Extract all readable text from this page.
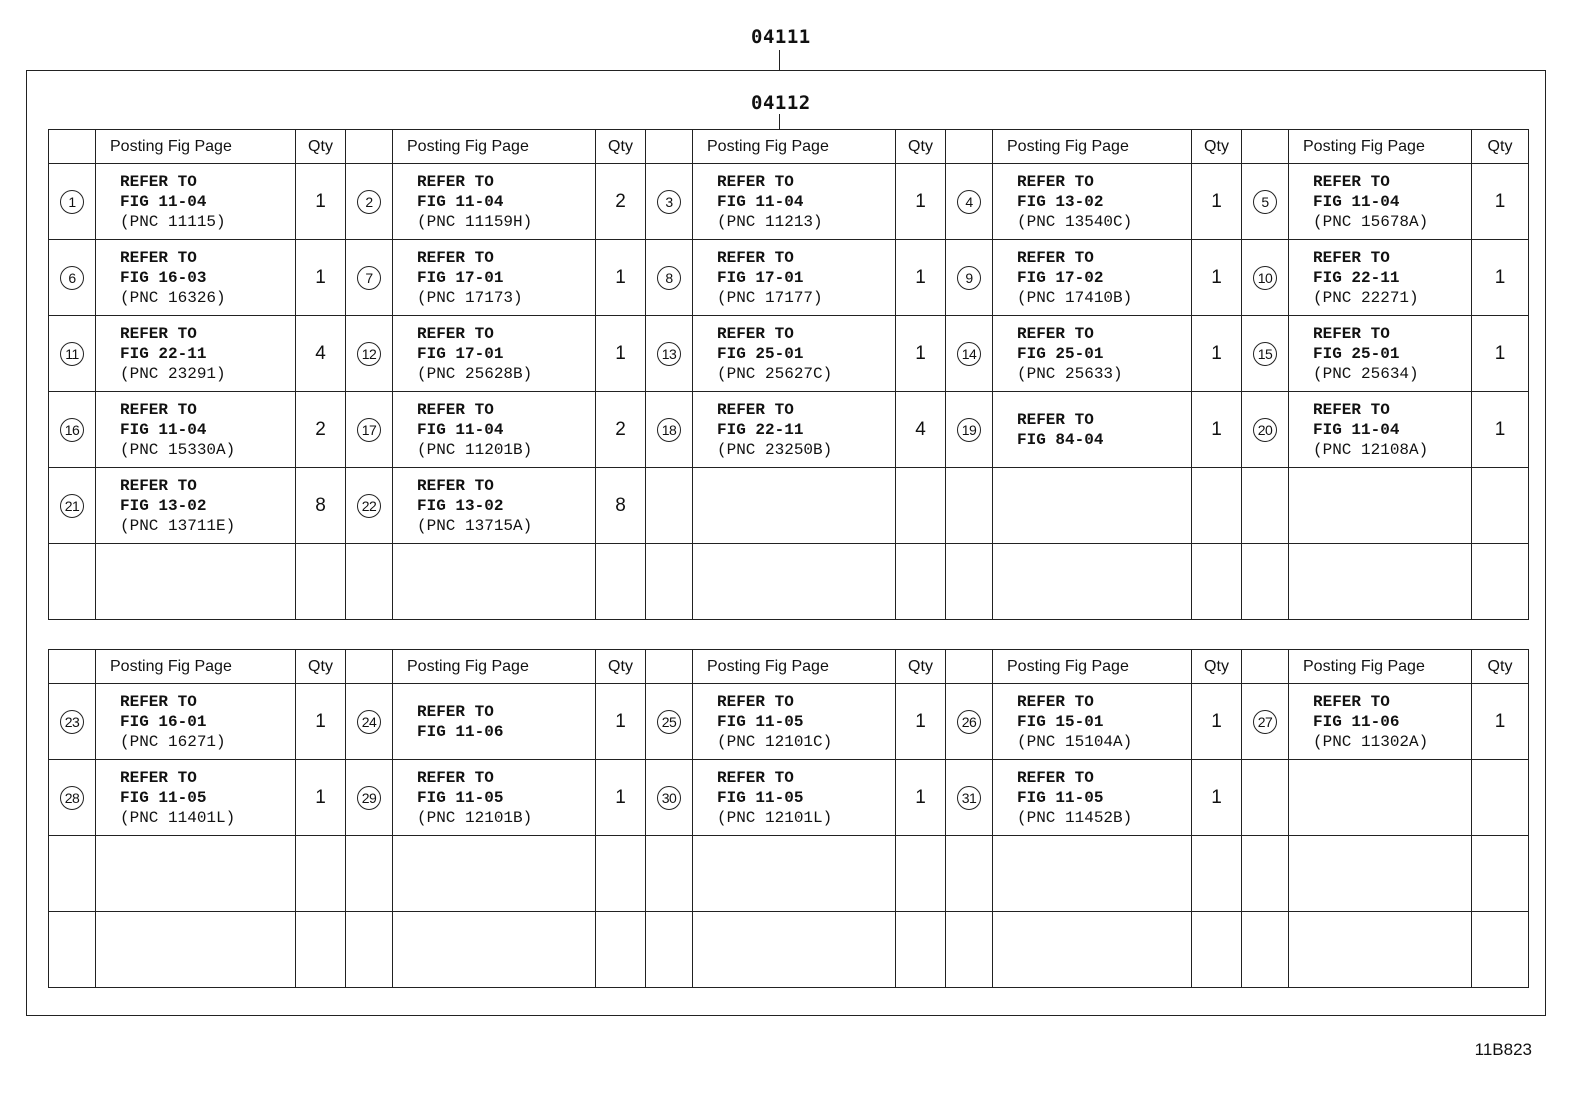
04111
04112
	Posting Fig Page	Qty		Posting Fig Page	Qty		Posting Fig Page	Qty		Posting Fig Page	Qty		Posting Fig Page	Qty
1	REFER TO
FIG 11-04
(PNC 11115)	1	2	REFER TO
FIG 11-04
(PNC 11159H)	2	3	REFER TO
FIG 11-04
(PNC 11213)	1	4	REFER TO
FIG 13-02
(PNC 13540C)	1	5	REFER TO
FIG 11-04
(PNC 15678A)	1
6	REFER TO
FIG 16-03
(PNC 16326)	1	7	REFER TO
FIG 17-01
(PNC 17173)	1	8	REFER TO
FIG 17-01
(PNC 17177)	1	9	REFER TO
FIG 17-02
(PNC 17410B)	1	10	REFER TO
FIG 22-11
(PNC 22271)	1
11	REFER TO
FIG 22-11
(PNC 23291)	4	12	REFER TO
FIG 17-01
(PNC 25628B)	1	13	REFER TO
FIG 25-01
(PNC 25627C)	1	14	REFER TO
FIG 25-01
(PNC 25633)	1	15	REFER TO
FIG 25-01
(PNC 25634)	1
16	REFER TO
FIG 11-04
(PNC 15330A)	2	17	REFER TO
FIG 11-04
(PNC 11201B)	2	18	REFER TO
FIG 22-11
(PNC 23250B)	4	19	REFER TO
FIG 84-04	1	20	REFER TO
FIG 11-04
(PNC 12108A)	1
21	REFER TO
FIG 13-02
(PNC 13711E)	8	22	REFER TO
FIG 13-02
(PNC 13715A)	8									

	Posting Fig Page	Qty		Posting Fig Page	Qty		Posting Fig Page	Qty		Posting Fig Page	Qty		Posting Fig Page	Qty
23	REFER TO
FIG 16-01
(PNC 16271)	1	24	REFER TO
FIG 11-06	1	25	REFER TO
FIG 11-05
(PNC 12101C)	1	26	REFER TO
FIG 15-01
(PNC 15104A)	1	27	REFER TO
FIG 11-06
(PNC 11302A)	1
28	REFER TO
FIG 11-05
(PNC 11401L)	1	29	REFER TO
FIG 11-05
(PNC 12101B)	1	30	REFER TO
FIG 11-05
(PNC 12101L)	1	31	REFER TO
FIG 11-05
(PNC 11452B)	1			

11B823
